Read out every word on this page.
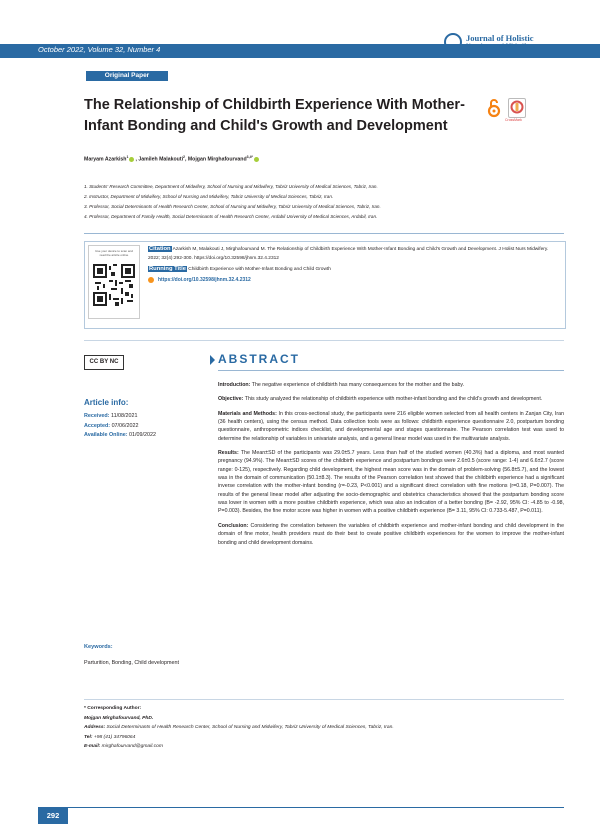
October 2022, Volume 32, Number 4
Journal of Holistic
Nursing and Midwifery
Original Paper
The Relationship of Childbirth Experience With Mother-Infant Bonding and Child's Growth and Development	CrossMark
Maryam Azarkish$^1$ , Jamileh Malakouti$^2$, Mojgan Mirghafourvand$^{3,4*}$
1. Students' Research Committee, Department of Midwifery, School of Nursing and Midwifery, Tabriz University of Medical Sciences, Tabriz, Iran.
2. Instructor, Department of Midwifery, School of Nursing and Midwifery, Tabriz University of Medical Sciences, Tabriz, Iran.
3. Professor, Social Determinants of Health Research Center, School of Nursing and Midwifery, Tabriz University of Medical Sciences, Tabriz, Iran.
4. Professor, Department of Family Health, Social Determinants of Health Research Center, Ardabil University of Medical Sciences, Ardabil, Iran.
Use your device to scan and read the article online
Citation Azarkish M, Malakouti J, Mirghafourvand M. The Relationship of Childbirth Experience With Mother-Infant Bonding and Child's Growth and Development. J Holist Nurs Midwifery. 2022; 32(4):292-300. https://doi.org/10.32598/jhnm.32.4.2312
Running Title Childbirth Experience with Mother-Infant Bonding and Child Growth
https://doi.org/10.32598/jhnm.32.4.2312
CC BY NC	ABSTRACT
Article info:
Received: 11/08/2021
Accepted: 07/06/2022
Available Online: 01/09/2022
Keywords:
Parturition, Bonding, Child development
Introduction: The negative experience of childbirth has many consequences for the mother and the baby.
Objective: This study analyzed the relationship of childbirth experience with mother-infant bonding and the child's growth and development.
Materials and Methods: In this cross-sectional study, the participants were 216 eligible women selected from all health centers in Zanjan City, Iran (36 health centers), using the census method. Data collection tools were as follows: childbirth experience questionnaire 2.0, postpartum bonding questionnaire, anthropometric indices checklist, and developmental age and stages questionnaire. The Pearson correlation test was used to determine the relationship of variables in univariate analysis, and a general linear model was used in the multivariate analysis.
Results: The Mean±SD of the participants was 29.0±5.7 years. Less than half of the studied women (40.3%) had a diploma, and most wanted pregnancy (94.9%). The Mean±SD scores of the childbirth experience and postpartum bondings were 2.6±0.5 (score range: 1-4) and 6.6±2.7 (score range: 0-125), respectively. Regarding child development, the highest mean score was in the domain of problem-solving (56.8±5.7), and the lowest was in the domain of communication (50.1±8.3). The results of the Pearson correlation test showed that the childbirth experience had a significant inverse correlation with the mother-infant bonding (r=-0.23, P<0.001) and a significant direct correlation with fine motions (r=0.18, P=0.007). The results of the general linear model after adjusting the socio-demographic and obstetrics characteristics showed that the postpartum bonding score was lower in women with a more positive childbirth experience, which was also an indication of a better bonding (B= -2.92, 95% CI: -4.85 to -0.98, P=0.003). Besides, the fine motor score was higher in women with a positive childbirth experience (B= 3.11, 95% CI: 0.733-5.487, P=0.011).
Conclusion: Considering the correlation between the variables of childbirth experience and mother-infant bonding and child development in the domain of fine motor, health providers must do their best to create positive childbirth experiences for the women to improve the mother-infant bonding and child development domains.
* Corresponding Author:
Mojgan Mirghafourvand, PhD.
Address: Social Determinants of Health Research Center, School of Nursing and Midwifery, Tabriz University of Medical Sciences, Tabriz, Iran.
Tel: +98 (41) 34796064
E-mail: mirghafourvand@gmail.com
292
